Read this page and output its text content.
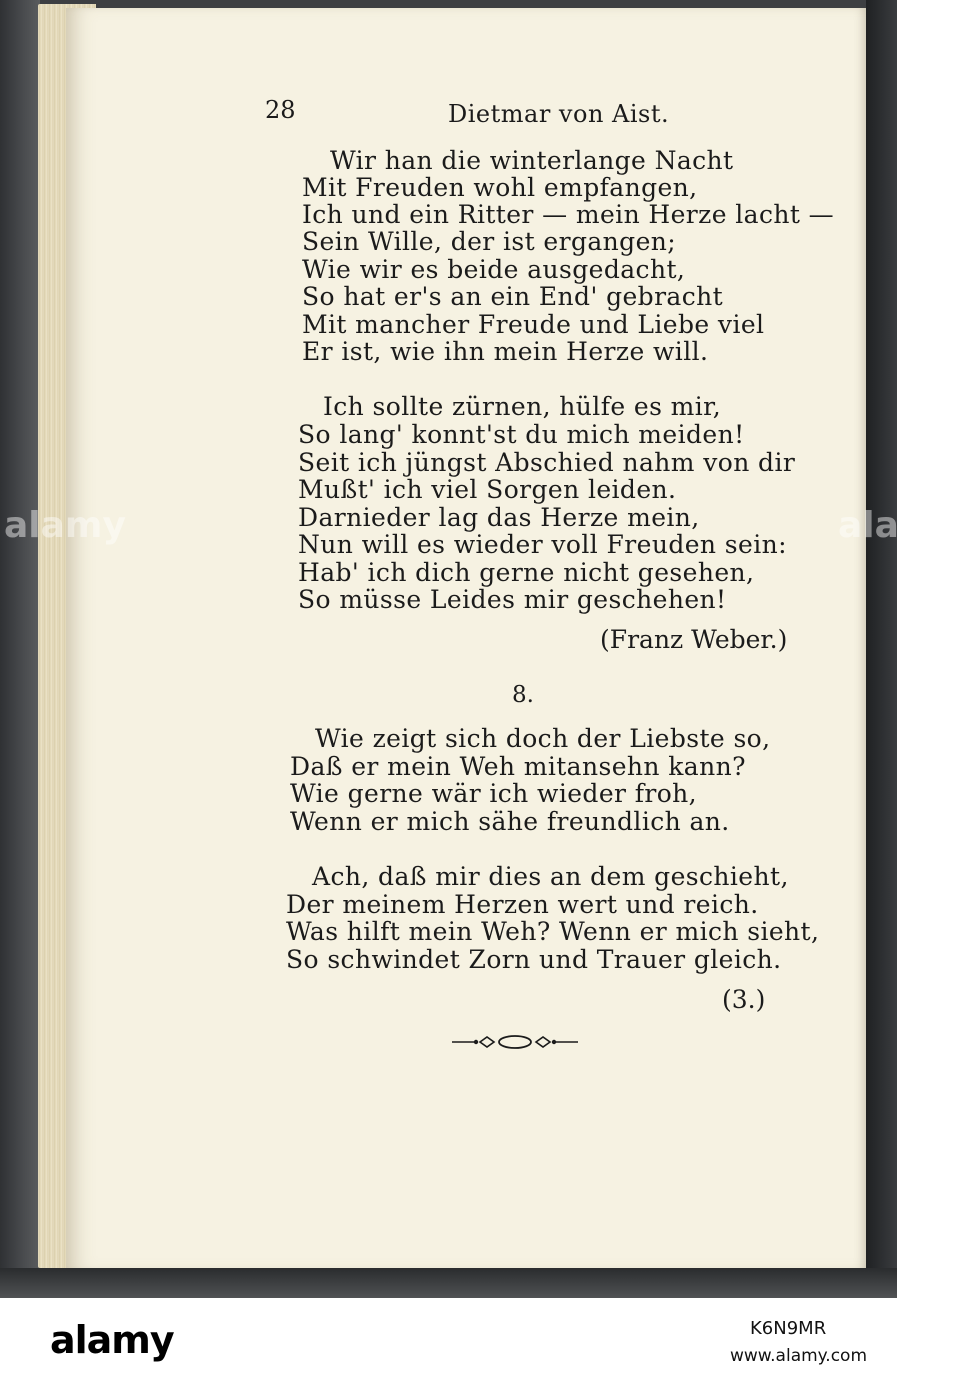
alamy	alamy
28	Dietmar von Aist.
Wir han die winterlange Nacht
Mit Freuden wohl empfangen,
Ich und ein Ritter — mein Herze lacht —
Sein Wille, der ist ergangen;
Wie wir es beide ausgedacht,
So hat er's an ein End' gebracht
Mit mancher Freude und Liebe viel
Er ist, wie ihn mein Herze will.
Ich sollte zürnen, hülfe es mir,
So lang' konnt'st du mich meiden!
Seit ich jüngst Abschied nahm von dir
Mußt' ich viel Sorgen leiden.
Darnieder lag das Herze mein,
Nun will es wieder voll Freuden sein:
Hab' ich dich gerne nicht gesehen,
So müsse Leides mir geschehen!
(Franz Weber.)
8.
Wie zeigt sich doch der Liebste so,
Daß er mein Weh mitansehn kann?
Wie gerne wär ich wieder froh,
Wenn er mich sähe freundlich an.
Ach, daß mir dies an dem geschieht,
Der meinem Herzen wert und reich.
Was hilft mein Weh? Wenn er mich sieht,
So schwindet Zorn und Trauer gleich.
(3.)
alamy	K6N9MR
www.alamy.com
